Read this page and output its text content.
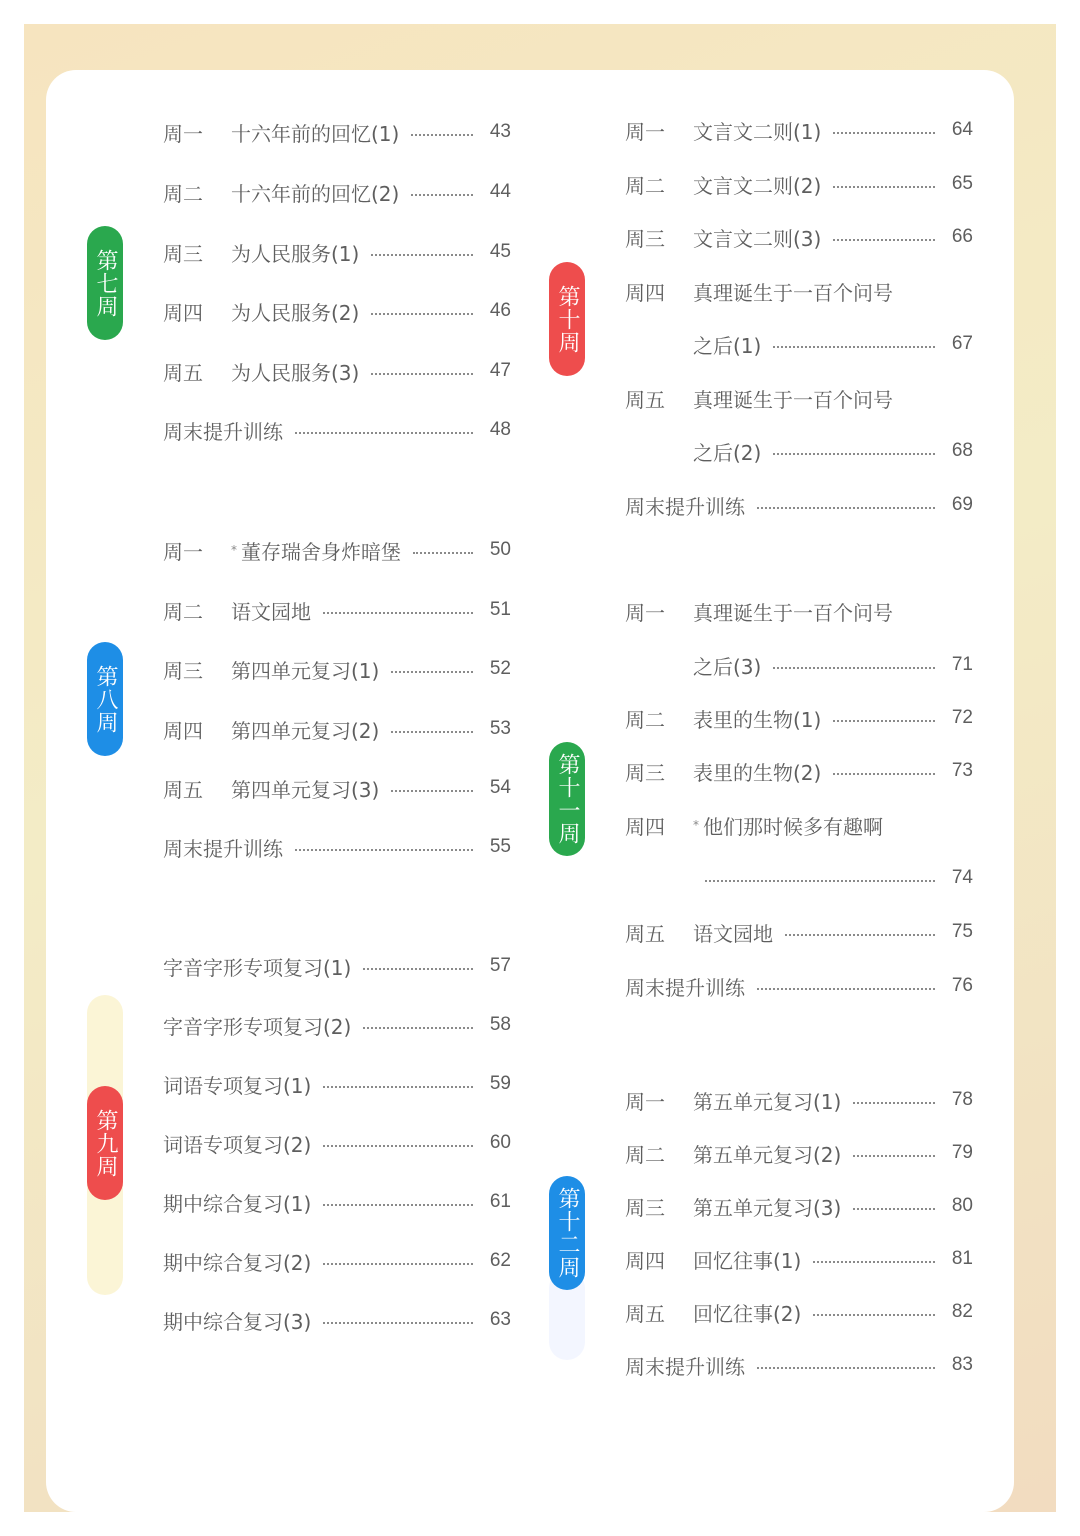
第七周
第八周
第九周
第十周
第十一周
第十二周
周一	十六年前的回忆(1)	43
周二	十六年前的回忆(2)	44
周三	为人民服务(1)	45
周四	为人民服务(2)	46
周五	为人民服务(3)	47
周末提升训练	48
周一	* 董存瑞舍身炸暗堡	50
周二	语文园地	51
周三	第四单元复习(1)	52
周四	第四单元复习(2)	53
周五	第四单元复习(3)	54
周末提升训练	55
字音字形专项复习(1)	57
字音字形专项复习(2)	58
词语专项复习(1)	59
词语专项复习(2)	60
期中综合复习(1)	61
期中综合复习(2)	62
期中综合复习(3)	63
周一	文言文二则(1)	64
周二	文言文二则(2)	65
周三	文言文二则(3)	66
周四	真理诞生于一百个问号
之后(1)	67
周五	真理诞生于一百个问号
之后(2)	68
周末提升训练	69
周一	真理诞生于一百个问号
之后(3)	71
周二	表里的生物(1)	72
周三	表里的生物(2)	73
周四	* 他们那时候多有趣啊
74
周五	语文园地	75
周末提升训练	76
周一	第五单元复习(1)	78
周二	第五单元复习(2)	79
周三	第五单元复习(3)	80
周四	回忆往事(1)	81
周五	回忆往事(2)	82
周末提升训练	83
